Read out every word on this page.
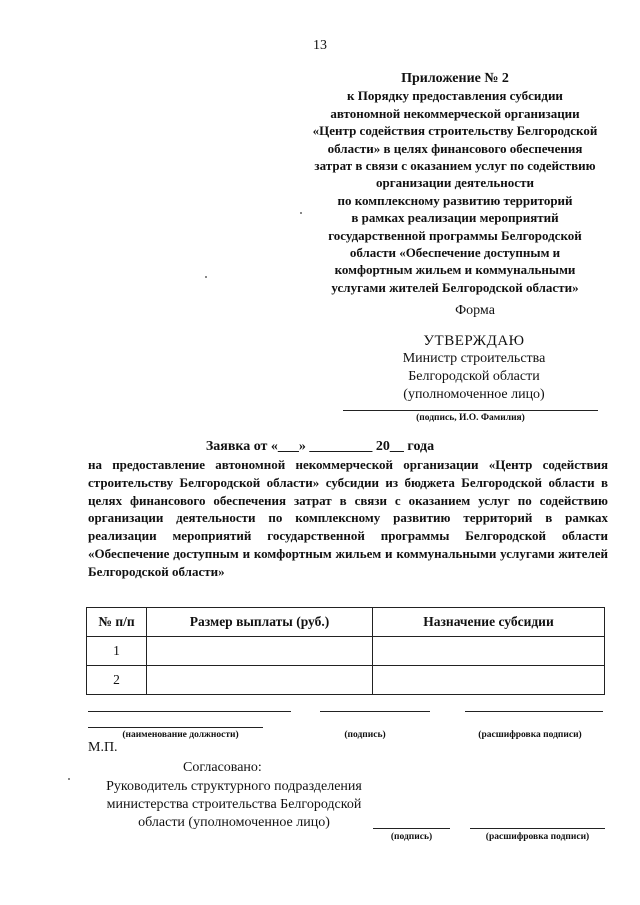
13
Приложение № 2
к Порядку предоставления субсидии
автономной некоммерческой организации
«Центр содействия строительству Белгородской
области» в целях финансового обеспечения
затрат в связи с оказанием услуг по содействию
организации деятельности
по комплексному развитию территорий
в рамках реализации мероприятий
государственной программы Белгородской
области «Обеспечение доступным и
комфортным жильем и коммунальными
услугами жителей Белгородской области»
Форма
УТВЕРЖДАЮ
Министр строительства
Белгородской области
(уполномоченное лицо)
(подпись, И.О. Фамилия)
Заявка от «___» _________ 20__ года
на предоставление автономной некоммерческой организации «Центр содействия строительству Белгородской области» субсидии из бюджета Белгородской области в целях финансового обеспечения затрат в связи с оказанием услуг по содействию организации деятельности по комплексному развитию территорий в рамках реализации мероприятий государственной программы Белгородской области «Обеспечение доступным и комфортным жильем и коммунальными услугами жителей Белгородской области»
№ п/п	Размер выплаты (руб.)	Назначение субсидии
1		
2		
(наименование должности)	(подпись)	(расшифровка подписи)
М.П.
Согласовано:
Руководитель структурного подразделения
министерства строительства Белгородской
области (уполномоченное лицо)
(подпись)	(расшифровка подписи)
